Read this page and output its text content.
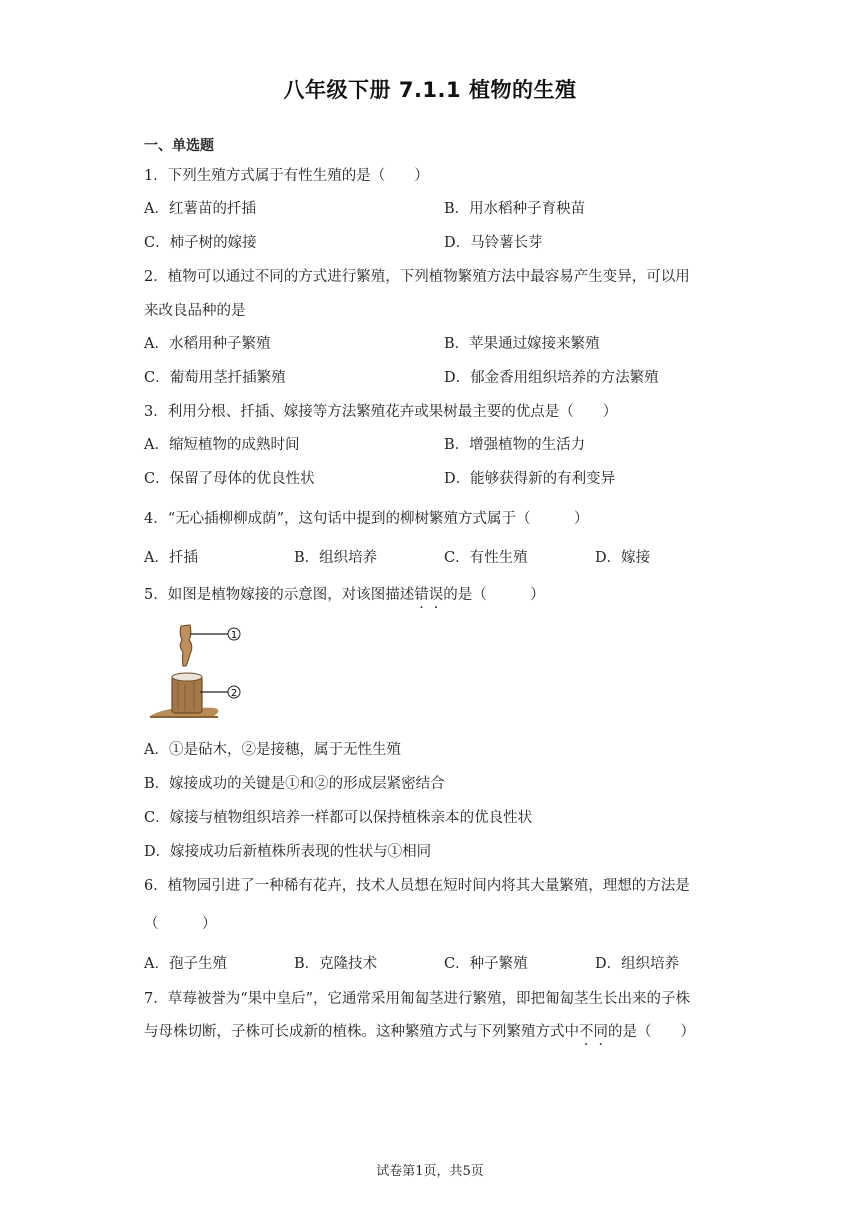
八年级下册 7.1.1 植物的生殖
一、单选题
1．下列生殖方式属于有性生殖的是（　　）
A．红薯苗的扦插	B．用水稻种子育秧苗
C．柿子树的嫁接	D．马铃薯长芽
2．植物可以通过不同的方式进行繁殖，下列植物繁殖方法中最容易产生变异，可以用
来改良品种的是
A．水稻用种子繁殖	B．苹果通过嫁接来繁殖
C．葡萄用茎扦插繁殖	D．郁金香用组织培养的方法繁殖
3．利用分根、扦插、嫁接等方法繁殖花卉或果树最主要的优点是（　　）
A．缩短植物的成熟时间	B．增强植物的生活力
C．保留了母体的优良性状	D．能够获得新的有利变异
4．“无心插柳柳成荫”，这句话中提到的柳树繁殖方式属于（　　　）
A．扦插	B．组织培养	C．有性生殖	D．嫁接
5．如图是植物嫁接的示意图，对该图描述错误的是（　　　）
1
2
A．①是砧木，②是接穗，属于无性生殖
B．嫁接成功的关键是①和②的形成层紧密结合
C．嫁接与植物组织培养一样都可以保持植株亲本的优良性状
D．嫁接成功后新植株所表现的性状与①相同
6．植物园引进了一种稀有花卉，技术人员想在短时间内将其大量繁殖，理想的方法是
（　　　）
A．孢子生殖	B．克隆技术	C．种子繁殖	D．组织培养
7．草莓被誉为“果中皇后”，它通常采用匍匐茎进行繁殖，即把匍匐茎生长出来的子株
与母株切断，子株可长成新的植株。这种繁殖方式与下列繁殖方式中不同的是（　　）
试卷第1页，共5页
